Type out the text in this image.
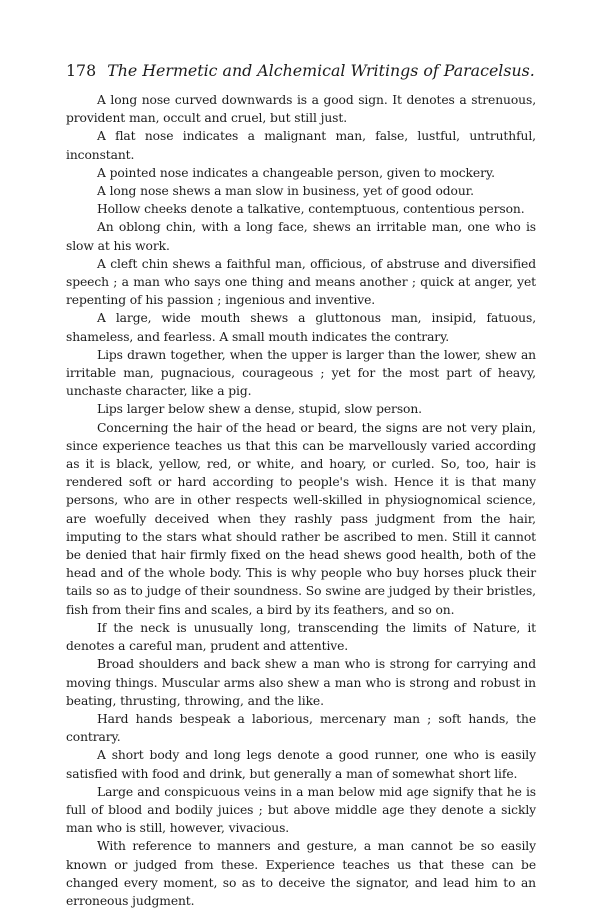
178 The Hermetic and Alchemical Writings of Paracelsus.

A long nose curved downwards is a good sign. It denotes a strenuous, provident man, occult and cruel, but still just.

A flat nose indicates a malignant man, false, lustful, untruthful, inconstant.

A pointed nose indicates a changeable person, given to mockery.

A long nose shews a man slow in business, yet of good odour.

Hollow cheeks denote a talkative, contemptuous, contentious person.

An oblong chin, with a long face, shews an irritable man, one who is slow at his work.

A cleft chin shews a faithful man, officious, of abstruse and diversified speech ; a man who says one thing and means another ; quick at anger, yet repenting of his passion ; ingenious and inventive.

A large, wide mouth shews a gluttonous man, insipid, fatuous, shameless, and fearless. A small mouth indicates the contrary.

Lips drawn together, when the upper is larger than the lower, shew an irritable man, pugnacious, courageous ; yet for the most part of heavy, unchaste character, like a pig.

Lips larger below shew a dense, stupid, slow person.

Concerning the hair of the head or beard, the signs are not very plain, since experience teaches us that this can be marvellously varied according as it is black, yellow, red, or white, and hoary, or curled. So, too, hair is rendered soft or hard according to people's wish. Hence it is that many persons, who are in other respects well-skilled in physiognomical science, are woefully deceived when they rashly pass judgment from the hair, imputing to the stars what should rather be ascribed to men. Still it cannot be denied that hair firmly fixed on the head shews good health, both of the head and of the whole body. This is why people who buy horses pluck their tails so as to judge of their soundness. So swine are judged by their bristles, fish from their fins and scales, a bird by its feathers, and so on.

If the neck is unusually long, transcending the limits of Nature, it denotes a careful man, prudent and attentive.

Broad shoulders and back shew a man who is strong for carrying and moving things. Muscular arms also shew a man who is strong and robust in beating, thrusting, throwing, and the like.

Hard hands bespeak a laborious, mercenary man ; soft hands, the contrary.

A short body and long legs denote a good runner, one who is easily satisfied with food and drink, but generally a man of somewhat short life.

Large and conspicuous veins in a man below mid age signify that he is full of blood and bodily juices ; but above middle age they denote a sickly man who is still, however, vivacious.

With reference to manners and gesture, a man cannot be so easily known or judged from these. Experience teaches us that these can be changed every moment, so as to deceive the signator, and lead him to an erroneous judgment.
